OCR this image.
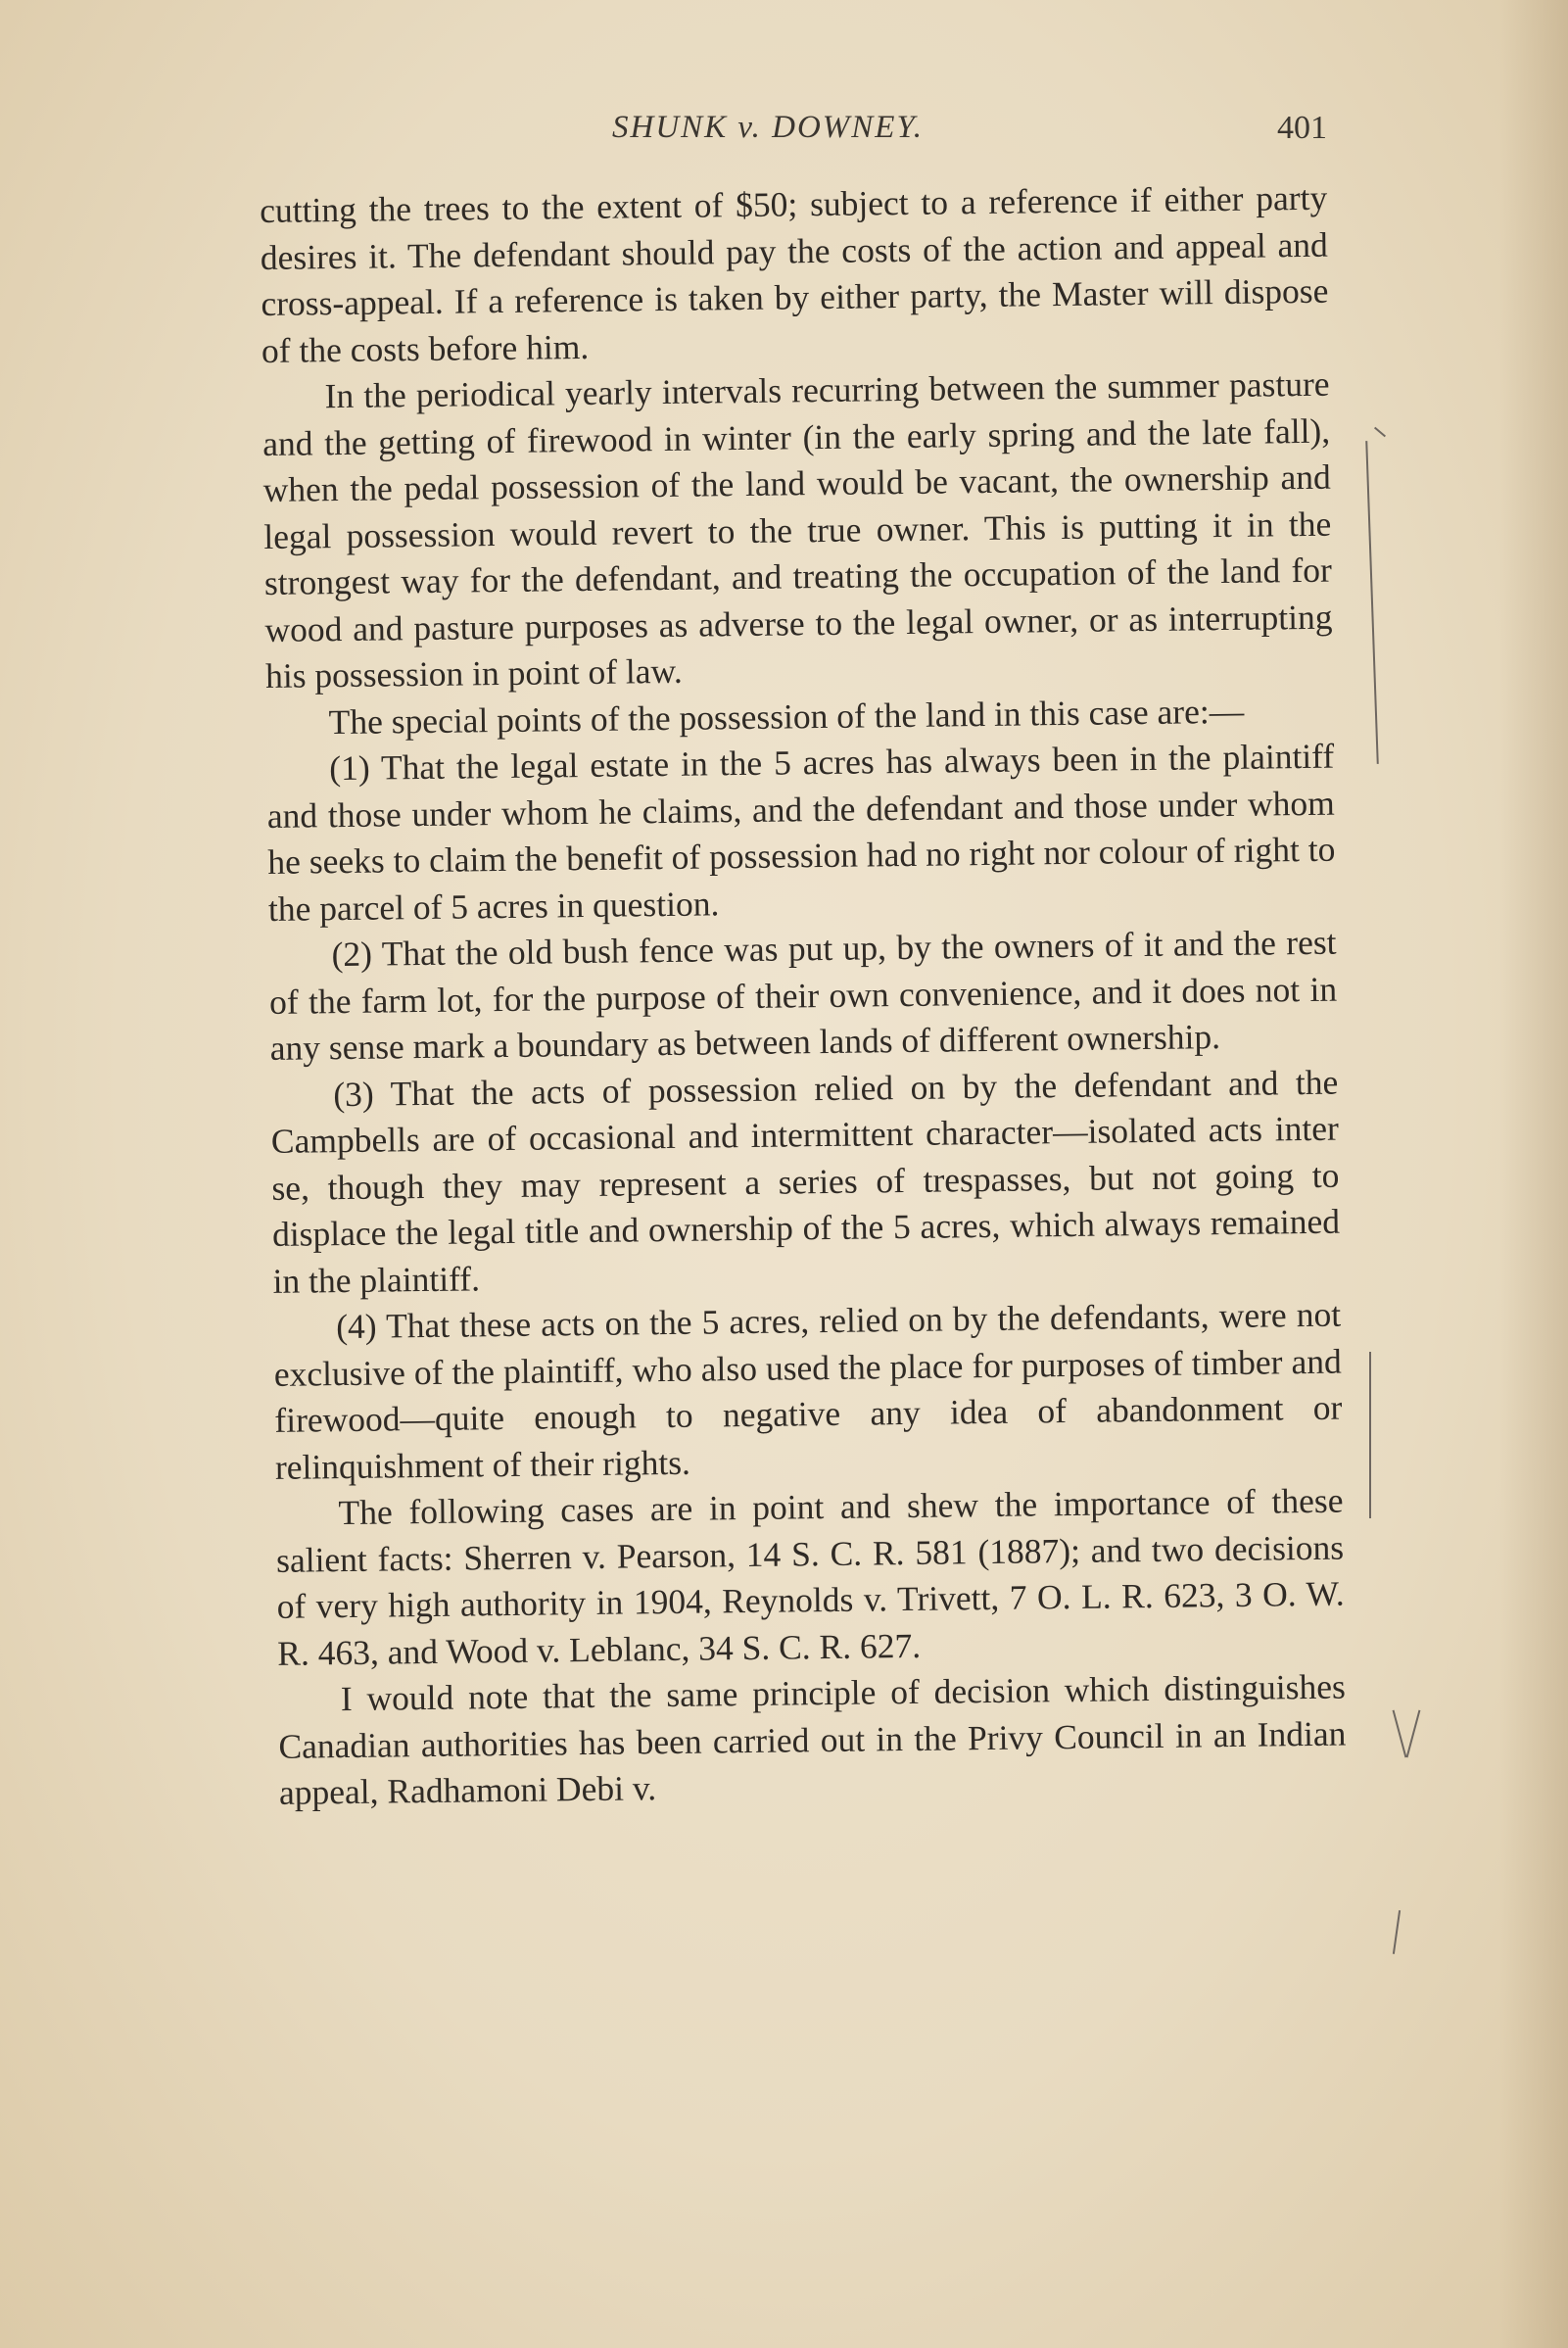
SHUNK v. DOWNEY.	401

cutting the trees to the extent of $50; subject to a reference if either party desires it. The defendant should pay the costs of the action and appeal and cross-appeal. If a reference is taken by either party, the Master will dispose of the costs before him.

In the periodical yearly intervals recurring between the summer pasture and the getting of firewood in winter (in the early spring and the late fall), when the pedal possession of the land would be vacant, the ownership and legal possession would revert to the true owner. This is putting it in the strongest way for the defendant, and treating the occupation of the land for wood and pasture purposes as adverse to the legal owner, or as interrupting his possession in point of law.

The special points of the possession of the land in this case are:—

(1) That the legal estate in the 5 acres has always been in the plaintiff and those under whom he claims, and the defendant and those under whom he seeks to claim the benefit of possession had no right nor colour of right to the parcel of 5 acres in question.

(2) That the old bush fence was put up, by the owners of it and the rest of the farm lot, for the purpose of their own convenience, and it does not in any sense mark a boundary as between lands of different ownership.

(3) That the acts of possession relied on by the defendant and the Campbells are of occasional and intermittent character—isolated acts inter se, though they may represent a series of trespasses, but not going to displace the legal title and ownership of the 5 acres, which always remained in the plaintiff.

(4) That these acts on the 5 acres, relied on by the defendants, were not exclusive of the plaintiff, who also used the place for purposes of timber and firewood—quite enough to negative any idea of abandonment or relinquishment of their rights.

The following cases are in point and shew the importance of these salient facts: Sherren v. Pearson, 14 S. C. R. 581 (1887); and two decisions of very high authority in 1904, Reynolds v. Trivett, 7 O. L. R. 623, 3 O. W. R. 463, and Wood v. Leblanc, 34 S. C. R. 627.

I would note that the same principle of decision which distinguishes Canadian authorities has been carried out in the Privy Council in an Indian appeal, Radhamoni Debi v.
